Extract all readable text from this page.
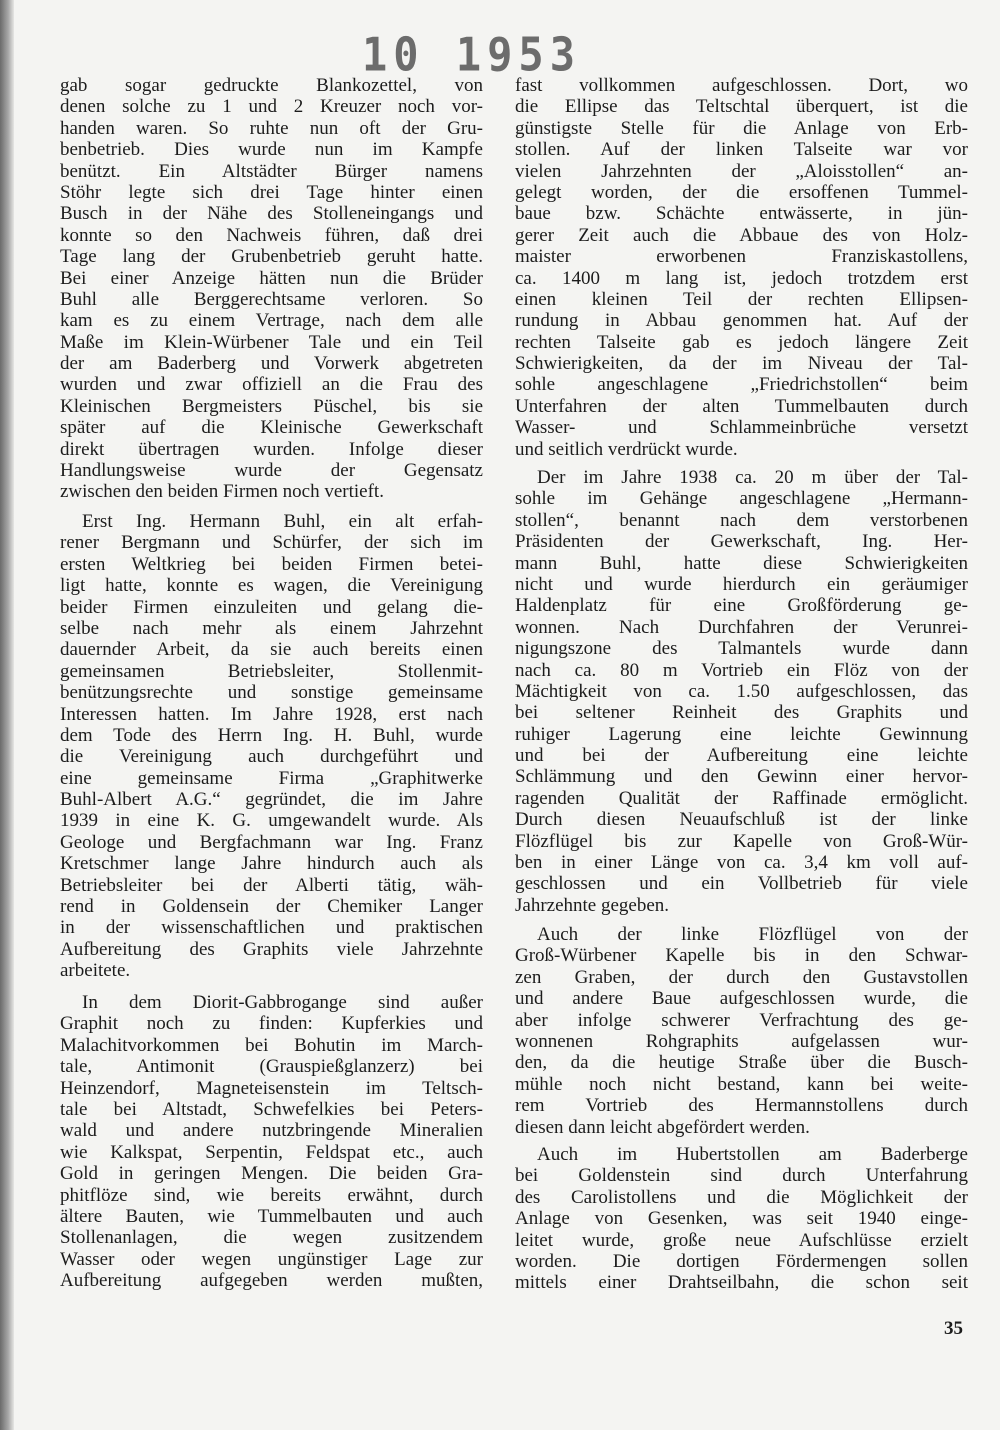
10 1953
gab sogar gedruckte Blankozettel, von
denen solche zu 1 und 2 Kreuzer noch vor-
handen waren. So ruhte nun oft der Gru-
benbetrieb. Dies wurde nun im Kampfe
benützt. Ein Altstädter Bürger namens
Stöhr legte sich drei Tage hinter einen
Busch in der Nähe des Stolleneingangs und
konnte so den Nachweis führen, daß drei
Tage lang der Grubenbetrieb geruht hatte.
Bei einer Anzeige hätten nun die Brüder
Buhl alle Berggerechtsame verloren. So
kam es zu einem Vertrage, nach dem alle
Maße im Klein-Würbener Tale und ein Teil
der am Baderberg und Vorwerk abgetreten
wurden und zwar offiziell an die Frau des
Kleinischen Bergmeisters Püschel, bis sie
später auf die Kleinische Gewerkschaft
direkt übertragen wurden. Infolge dieser
Handlungsweise wurde der Gegensatz
zwischen den beiden Firmen noch vertieft.
Erst Ing. Hermann Buhl, ein alt erfah-
rener Bergmann und Schürfer, der sich im
ersten Weltkrieg bei beiden Firmen betei-
ligt hatte, konnte es wagen, die Vereinigung
beider Firmen einzuleiten und gelang die-
selbe nach mehr als einem Jahrzehnt
dauernder Arbeit, da sie auch bereits einen
gemeinsamen Betriebsleiter, Stollenmit-
benützungsrechte und sonstige gemeinsame
Interessen hatten. Im Jahre 1928, erst nach
dem Tode des Herrn Ing. H. Buhl, wurde
die Vereinigung auch durchgeführt und
eine gemeinsame Firma „Graphitwerke
Buhl-Albert A.G.“ gegründet, die im Jahre
1939 in eine K. G. umgewandelt wurde. Als
Geologe und Bergfachmann war Ing. Franz
Kretschmer lange Jahre hindurch auch als
Betriebsleiter bei der Alberti tätig, wäh-
rend in Goldensein der Chemiker Langer
in der wissenschaftlichen und praktischen
Aufbereitung des Graphits viele Jahrzehnte
arbeitete.
In dem Diorit-Gabbrogange sind außer
Graphit noch zu finden: Kupferkies und
Malachitvorkommen bei Bohutin im March-
tale, Antimonit (Grauspießglanzerz) bei
Heinzendorf, Magneteisenstein im Teltsch-
tale bei Altstadt, Schwefelkies bei Peters-
wald und andere nutzbringende Mineralien
wie Kalkspat, Serpentin, Feldspat etc., auch
Gold in geringen Mengen. Die beiden Gra-
phitflöze sind, wie bereits erwähnt, durch
ältere Bauten, wie Tummelbauten und auch
Stollenanlagen, die wegen zusitzendem
Wasser oder wegen ungünstiger Lage zur
Aufbereitung aufgegeben werden mußten,
fast vollkommen aufgeschlossen. Dort, wo
die Ellipse das Teltschtal überquert, ist die
günstigste Stelle für die Anlage von Erb-
stollen. Auf der linken Talseite war vor
vielen Jahrzehnten der „Aloisstollen“ an-
gelegt worden, der die ersoffenen Tummel-
baue bzw. Schächte entwässerte, in jün-
gerer Zeit auch die Abbaue des von Holz-
maister erworbenen Franziskastollens,
ca. 1400 m lang ist, jedoch trotzdem erst
einen kleinen Teil der rechten Ellipsen-
rundung in Abbau genommen hat. Auf der
rechten Talseite gab es jedoch längere Zeit
Schwierigkeiten, da der im Niveau der Tal-
sohle angeschlagene „Friedrichstollen“ beim
Unterfahren der alten Tummelbauten durch
Wasser- und Schlammeinbrüche versetzt
und seitlich verdrückt wurde.
Der im Jahre 1938 ca. 20 m über der Tal-
sohle im Gehänge angeschlagene „Hermann-
stollen“, benannt nach dem verstorbenen
Präsidenten der Gewerkschaft, Ing. Her-
mann Buhl, hatte diese Schwierigkeiten
nicht und wurde hierdurch ein geräumiger
Haldenplatz für eine Großförderung ge-
wonnen. Nach Durchfahren der Verunrei-
nigungszone des Talmantels wurde dann
nach ca. 80 m Vortrieb ein Flöz von der
Mächtigkeit von ca. 1.50 aufgeschlossen, das
bei seltener Reinheit des Graphits und
ruhiger Lagerung eine leichte Gewinnung
und bei der Aufbereitung eine leichte
Schlämmung und den Gewinn einer hervor-
ragenden Qualität der Raffinade ermöglicht.
Durch diesen Neuaufschluß ist der linke
Flözflügel bis zur Kapelle von Groß-Wür-
ben in einer Länge von ca. 3,4 km voll auf-
geschlossen und ein Vollbetrieb für viele
Jahrzehnte gegeben.
Auch der linke Flözflügel von der
Groß-Würbener Kapelle bis in den Schwar-
zen Graben, der durch den Gustavstollen
und andere Baue aufgeschlossen wurde, die
aber infolge schwerer Verfrachtung des ge-
wonnenen Rohgraphits aufgelassen wur-
den, da die heutige Straße über die Busch-
mühle noch nicht bestand, kann bei weite-
rem Vortrieb des Hermannstollens durch
diesen dann leicht abgefördert werden.
Auch im Hubertstollen am Baderberge
bei Goldenstein sind durch Unterfahrung
des Carolistollens und die Möglichkeit der
Anlage von Gesenken, was seit 1940 einge-
leitet wurde, große neue Aufschlüsse erzielt
worden. Die dortigen Fördermengen sollen
mittels einer Drahtseilbahn, die schon seit
35
